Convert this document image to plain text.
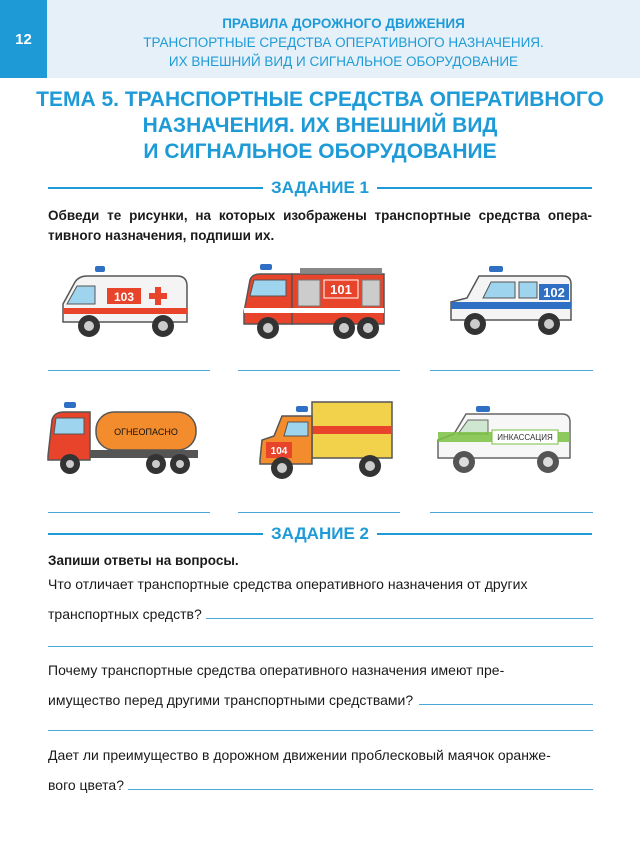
12
ПРАВИЛА ДОРОЖНОГО ДВИЖЕНИЯ
ТРАНСПОРТНЫЕ СРЕДСТВА ОПЕРАТИВНОГО НАЗНАЧЕНИЯ.
ИХ ВНЕШНИЙ ВИД И СИГНАЛЬНОЕ ОБОРУДОВАНИЕ
ТЕМА 5. ТРАНСПОРТНЫЕ СРЕДСТВА ОПЕРАТИВНОГО
НАЗНАЧЕНИЯ. ИХ ВНЕШНИЙ ВИД
И СИГНАЛЬНОЕ ОБОРУДОВАНИЕ
ЗАДАНИЕ 1
Обведи те рисунки, на которых изображены транспортные средства опера-тивного назначения, подпиши их.
103	101	102
ОГНЕОПАСНО
104
ИНКАССАЦИЯ
ЗАДАНИЕ 2
Запиши ответы на вопросы.
Что отличает транспортные средства оперативного назначения от других
транспортных средств?
Почему транспортные средства оперативного назначения имеют пре-
имущество перед другими транспортными средствами?
Дает ли преимущество в дорожном движении проблесковый маячок оранже-
вого цвета?
